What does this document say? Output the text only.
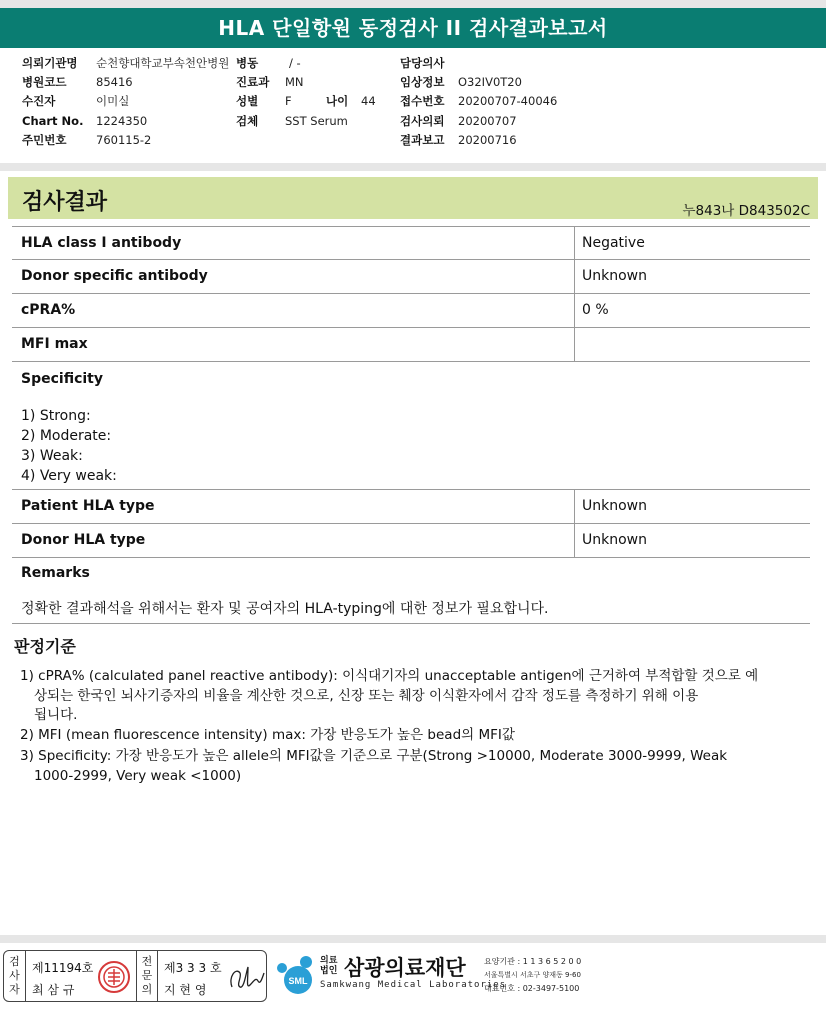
HLA 단일항원 동정검사 II 검사결과보고서
의뢰기관명 순천향대학교부속천안병원 병동	/ -	담당의사
병원코드	85416	진료과 MN	임상정보 O32IV0T20
수진자	이미실	성별 F	나이 44 접수번호 20200707-40046
Chart No. 1224350	검체 SST Serum	검사의뢰 20200707
주민번호	760115-2	결과보고 20200716
검사결과	누843나 D843502C
HLA class I antibody	Negative
Donor specific antibody	Unknown
cPRA%	0 %
MFI max
Specificity
1) Strong:
2) Moderate:
3) Weak:
4) Very weak:
Patient HLA type	Unknown
Donor HLA type	Unknown
Remarks
정확한 결과해석을 위해서는 환자 및 공여자의 HLA-typing에 대한 정보가 필요합니다.
판정기준
1) cPRA% (calculated panel reactive antibody): 이식대기자의 unacceptable antigen에 근거하여 부적합할 것으로 예
상되는 한국인 뇌사기증자의 비율을 계산한 것으로, 신장 또는 췌장 이식환자에서 감작 정도를 측정하기 위해 이용
됩니다.
2) MFI (mean fluorescence intensity) max: 가장 반응도가 높은 bead의 MFI값
3) Specificity: 가장 반응도가 높은 allele의 MFI값을 기준으로 구분(Strong >10000, Moderate 3000-9999, Weak
1000-2999, Very weak <1000)
검
사
자
제11194호
최 삼 규
전
문
의
제3 3 3 호
지 현 영
SML
의료
법인 삼광의료재단
Samkwang Medical Laboratories
요양기관 : 1 1 3 6 5 2 0 0
서울특별시 서초구 양재동 9-60
대표번호 : 02-3497-5100
